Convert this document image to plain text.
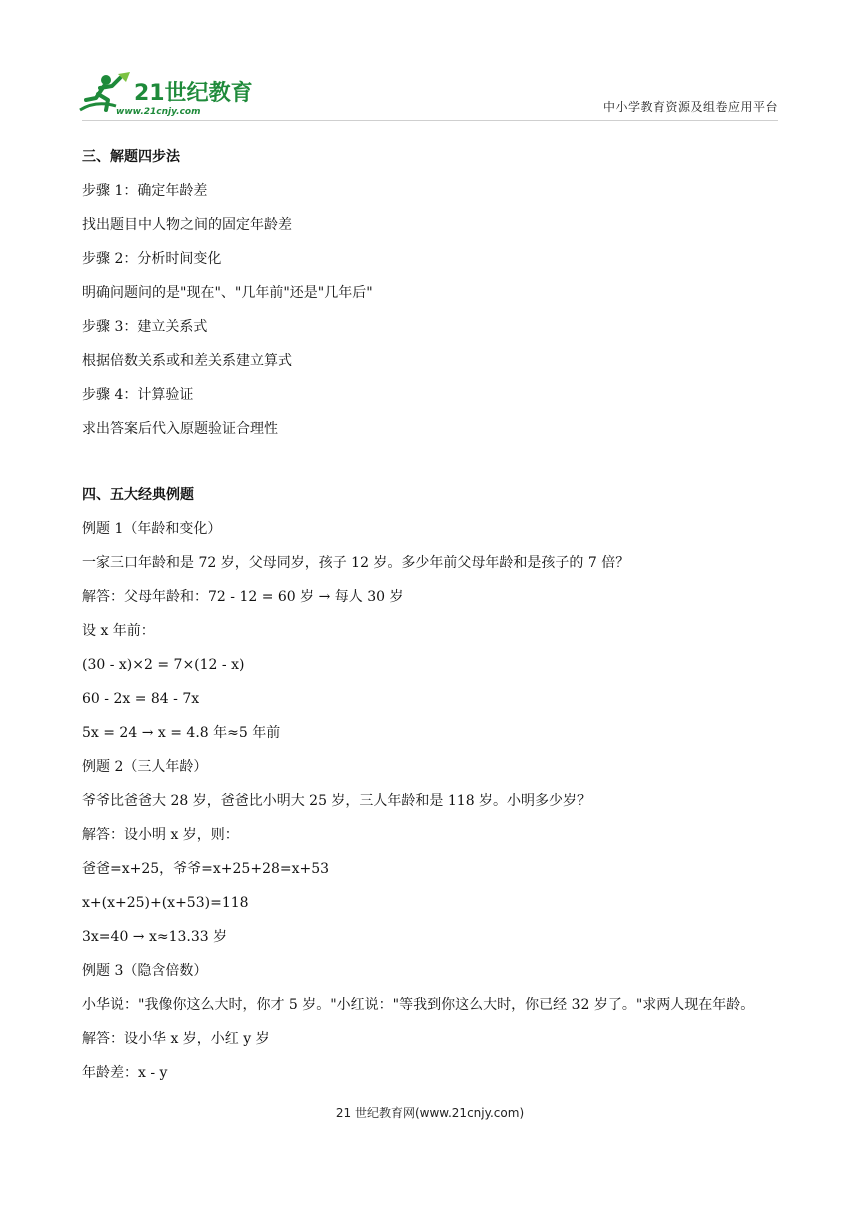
21世纪教育
www.21cnjy.com	中小学教育资源及组卷应用平台
三、解题四步法
步骤 1：确定年龄差
找出题目中人物之间的固定年龄差
步骤 2：分析时间变化
明确问题问的是"现在"、"几年前"还是"几年后"
步骤 3：建立关系式
根据倍数关系或和差关系建立算式
步骤 4：计算验证
求出答案后代入原题验证合理性
四、五大经典例题
例题 1（年龄和变化）
一家三口年龄和是 72 岁，父母同岁，孩子 12 岁。多少年前父母年龄和是孩子的 7 倍？
解答：父母年龄和：72 - 12 = 60 岁 → 每人 30 岁
设 x 年前：
(30 - x)×2 = 7×(12 - x)
60 - 2x = 84 - 7x
5x = 24 → x = 4.8 年≈5 年前
例题 2（三人年龄）
爷爷比爸爸大 28 岁，爸爸比小明大 25 岁，三人年龄和是 118 岁。小明多少岁？
解答：设小明 x 岁，则：
爸爸=x+25，爷爷=x+25+28=x+53
x+(x+25)+(x+53)=118
3x=40 → x≈13.33 岁
例题 3（隐含倍数）
小华说："我像你这么大时，你才 5 岁。"小红说："等我到你这么大时，你已经 32 岁了。"求两人现在年龄。
解答：设小华 x 岁，小红 y 岁
年龄差：x - y
21 世纪教育网(www.21cnjy.com)
